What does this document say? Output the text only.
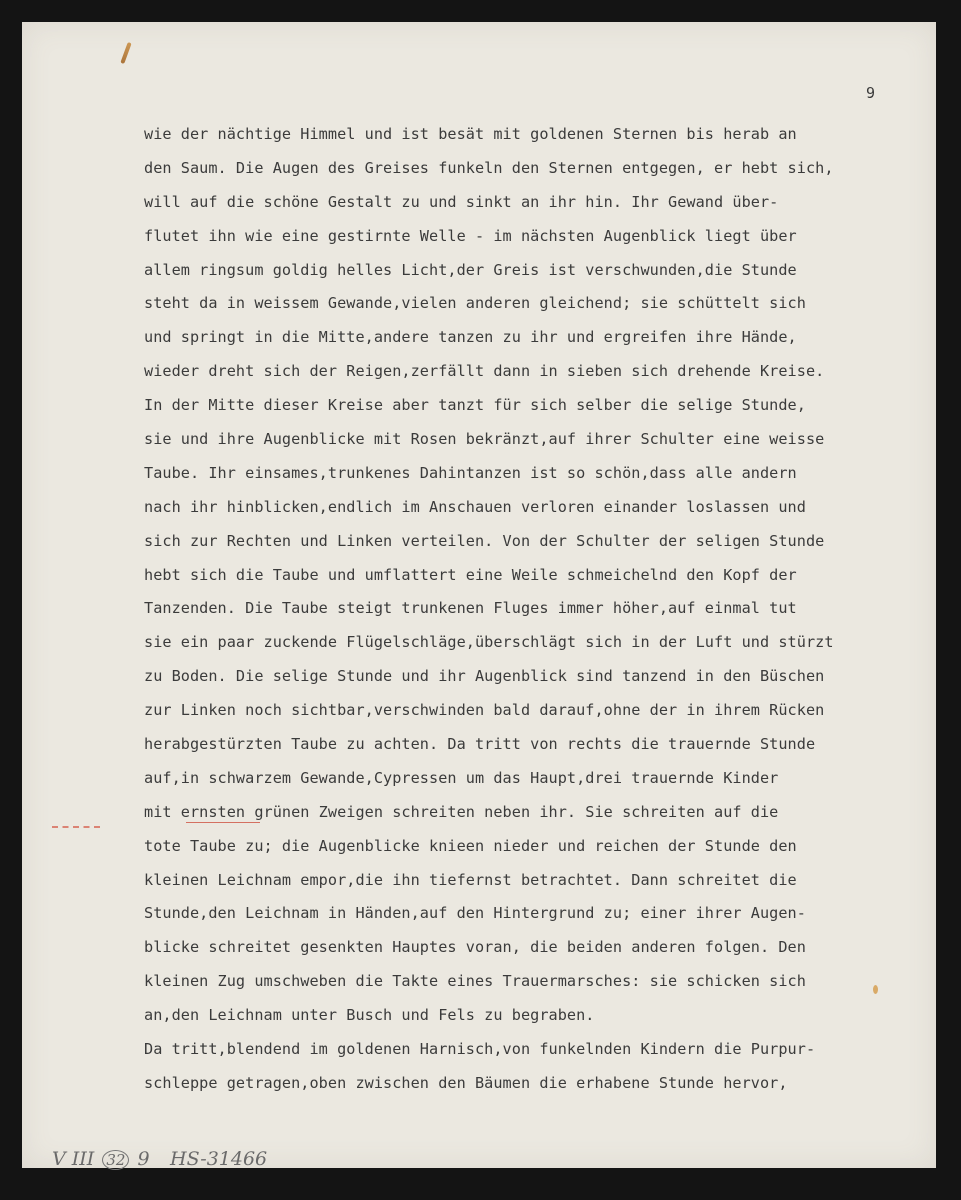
9
wie der nächtige Himmel und ist besät mit goldenen Sternen bis herab an
den Saum. Die Augen des Greises funkeln den Sternen entgegen, er hebt sich,
will auf die schöne Gestalt zu und sinkt an ihr hin. Ihr Gewand über-
flutet ihn wie eine gestirnte Welle - im nächsten Augenblick liegt über
allem ringsum goldig helles Licht,der Greis ist verschwunden,die Stunde
steht da in weissem Gewande,vielen anderen gleichend; sie schüttelt sich
und springt in die Mitte,andere tanzen zu ihr und ergreifen ihre Hände,
wieder dreht sich der Reigen,zerfällt dann in sieben sich drehende Kreise.
In der Mitte dieser Kreise aber tanzt für sich selber die selige Stunde,
sie und ihre Augenblicke mit Rosen bekränzt,auf ihrer Schulter eine weisse
Taube. Ihr einsames,trunkenes Dahintanzen ist so schön,dass alle andern
nach ihr hinblicken,endlich im Anschauen verloren einander loslassen und
sich zur Rechten und Linken verteilen. Von der Schulter der seligen Stunde
hebt sich die Taube und umflattert eine Weile schmeichelnd den Kopf der
Tanzenden. Die Taube steigt trunkenen Fluges immer höher,auf einmal tut
sie ein paar zuckende Flügelschläge,überschlägt sich in der Luft und stürzt
zu Boden. Die selige Stunde und ihr Augenblick sind tanzend in den Büschen
zur Linken noch sichtbar,verschwinden bald darauf,ohne der in ihrem Rücken
herabgestürzten Taube zu achten. Da tritt von rechts die trauernde Stunde
auf,in schwarzem Gewande,Cypressen um das Haupt,drei trauernde Kinder
mit ernsten grünen Zweigen schreiten neben ihr. Sie schreiten auf die
tote Taube zu; die Augenblicke knieen nieder und reichen der Stunde den
kleinen Leichnam empor,die ihn tiefernst betrachtet. Dann schreitet die
Stunde,den Leichnam in Händen,auf den Hintergrund zu; einer ihrer Augen-
blicke schreitet gesenkten Hauptes voran, die beiden anderen folgen. Den
kleinen Zug umschweben die Takte eines Trauermarsches: sie schicken sich
an,den Leichnam unter Busch und Fels zu begraben.
Da tritt,blendend im goldenen Harnisch,von funkelnden Kindern die Purpur-
schleppe getragen,oben zwischen den Bäumen die erhabene Stunde hervor,
V III 32 9 HS-31466
